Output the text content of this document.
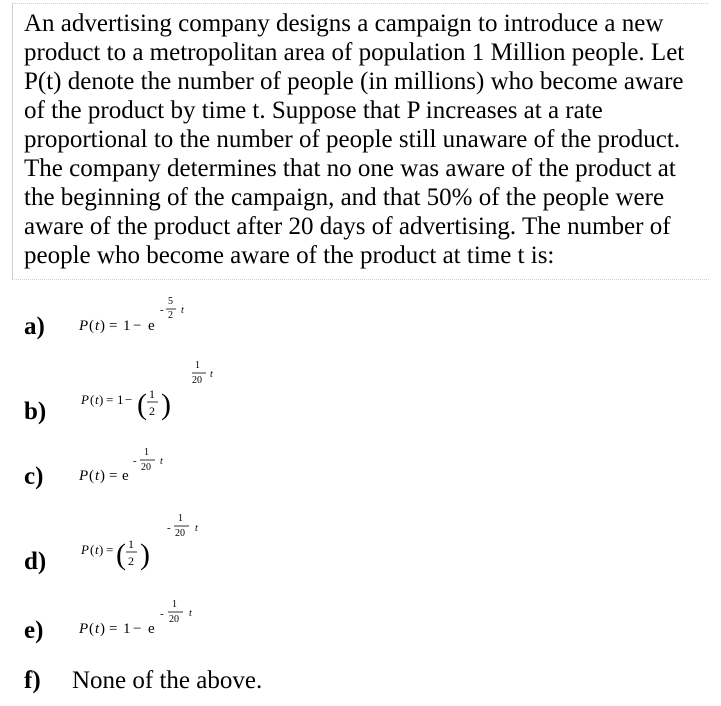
An advertising company designs a campaign to introduce a new
product to a metropolitan area of population 1 Million people. Let
P(t) denote the number of people (in millions) who become aware
of the product by time t. Suppose that P increases at a rate
proportional to the number of people still unaware of the product.
The company determines that no one was aware of the product at
the beginning of the campaign, and that 50% of the people were
aware of the product after 20 days of advertising. The number of
people who become aware of the product at time t is:
a)
b)
c)
d)
e)
f) None of the above.
P ( t ) = 1 − e
-
5
2 t
P ( t ) = 1 − ( 1
2 )
1
20
t
P ( t ) = e
-
1
20
t
P ( t ) = ( 1
2 )
-
1
20 t
P ( t ) = 1 − e
-
1
20
t
